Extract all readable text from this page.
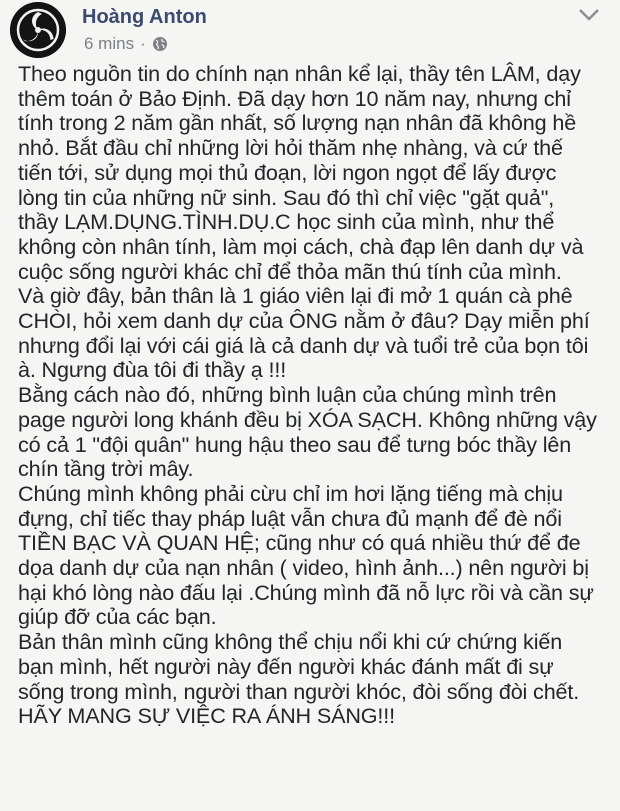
Hoàng Anton
6 mins ·
Theo nguồn tin do chính nạn nhân kể lại, thầy tên LÂM, dạy
thêm toán ở Bảo Định. Đã dạy hơn 10 năm nay, nhưng chỉ
tính trong 2 năm gần nhất, số lượng nạn nhân đã không hề
nhỏ. Bắt đầu chỉ những lời hỏi thăm nhẹ nhàng, và cứ thế
tiến tới, sử dụng mọi thủ đoạn, lời ngon ngọt để lấy được
lòng tin của những nữ sinh. Sau đó thì chỉ việc "gặt quả",
thầy LẠM.DỤNG.TÌNH.DỤ.C học sinh của mình, như thể
không còn nhân tính, làm mọi cách, chà đạp lên danh dự và
cuộc sống người khác chỉ để thỏa mãn thú tính của mình.
Và giờ đây, bản thân là 1 giáo viên lại đi mở 1 quán cà phê
CHÒI, hỏi xem danh dự của ÔNG nằm ở đâu? Dạy miễn phí
nhưng đổi lại với cái giá là cả danh dự và tuổi trẻ của bọn tôi
à. Ngưng đùa tôi đi thầy ạ !!!
Bằng cách nào đó, những bình luận của chúng mình trên
page người long khánh đều bị XÓA SẠCH. Không những vậy
có cả 1 "đội quân" hung hậu theo sau để tưng bóc thầy lên
chín tầng trời mây.
Chúng mình không phải cừu chỉ im hơi lặng tiếng mà chịu
đựng, chỉ tiếc thay pháp luật vẫn chưa đủ mạnh để đè nổi
TIỀN BẠC VÀ QUAN HỆ; cũng như có quá nhiều thứ để đe
dọa danh dự của nạn nhân ( video, hình ảnh...) nên người bị
hại khó lòng nào đấu lại .Chúng mình đã nỗ lực rồi và cần sự
giúp đỡ của các bạn.
Bản thân mình cũng không thể chịu nổi khi cứ chứng kiến
bạn mình, hết người này đến người khác đánh mất đi sự
sống trong mình, người than người khóc, đòi sống đòi chết.
HÃY MANG SỰ VIỆC RA ÁNH SÁNG!!!
